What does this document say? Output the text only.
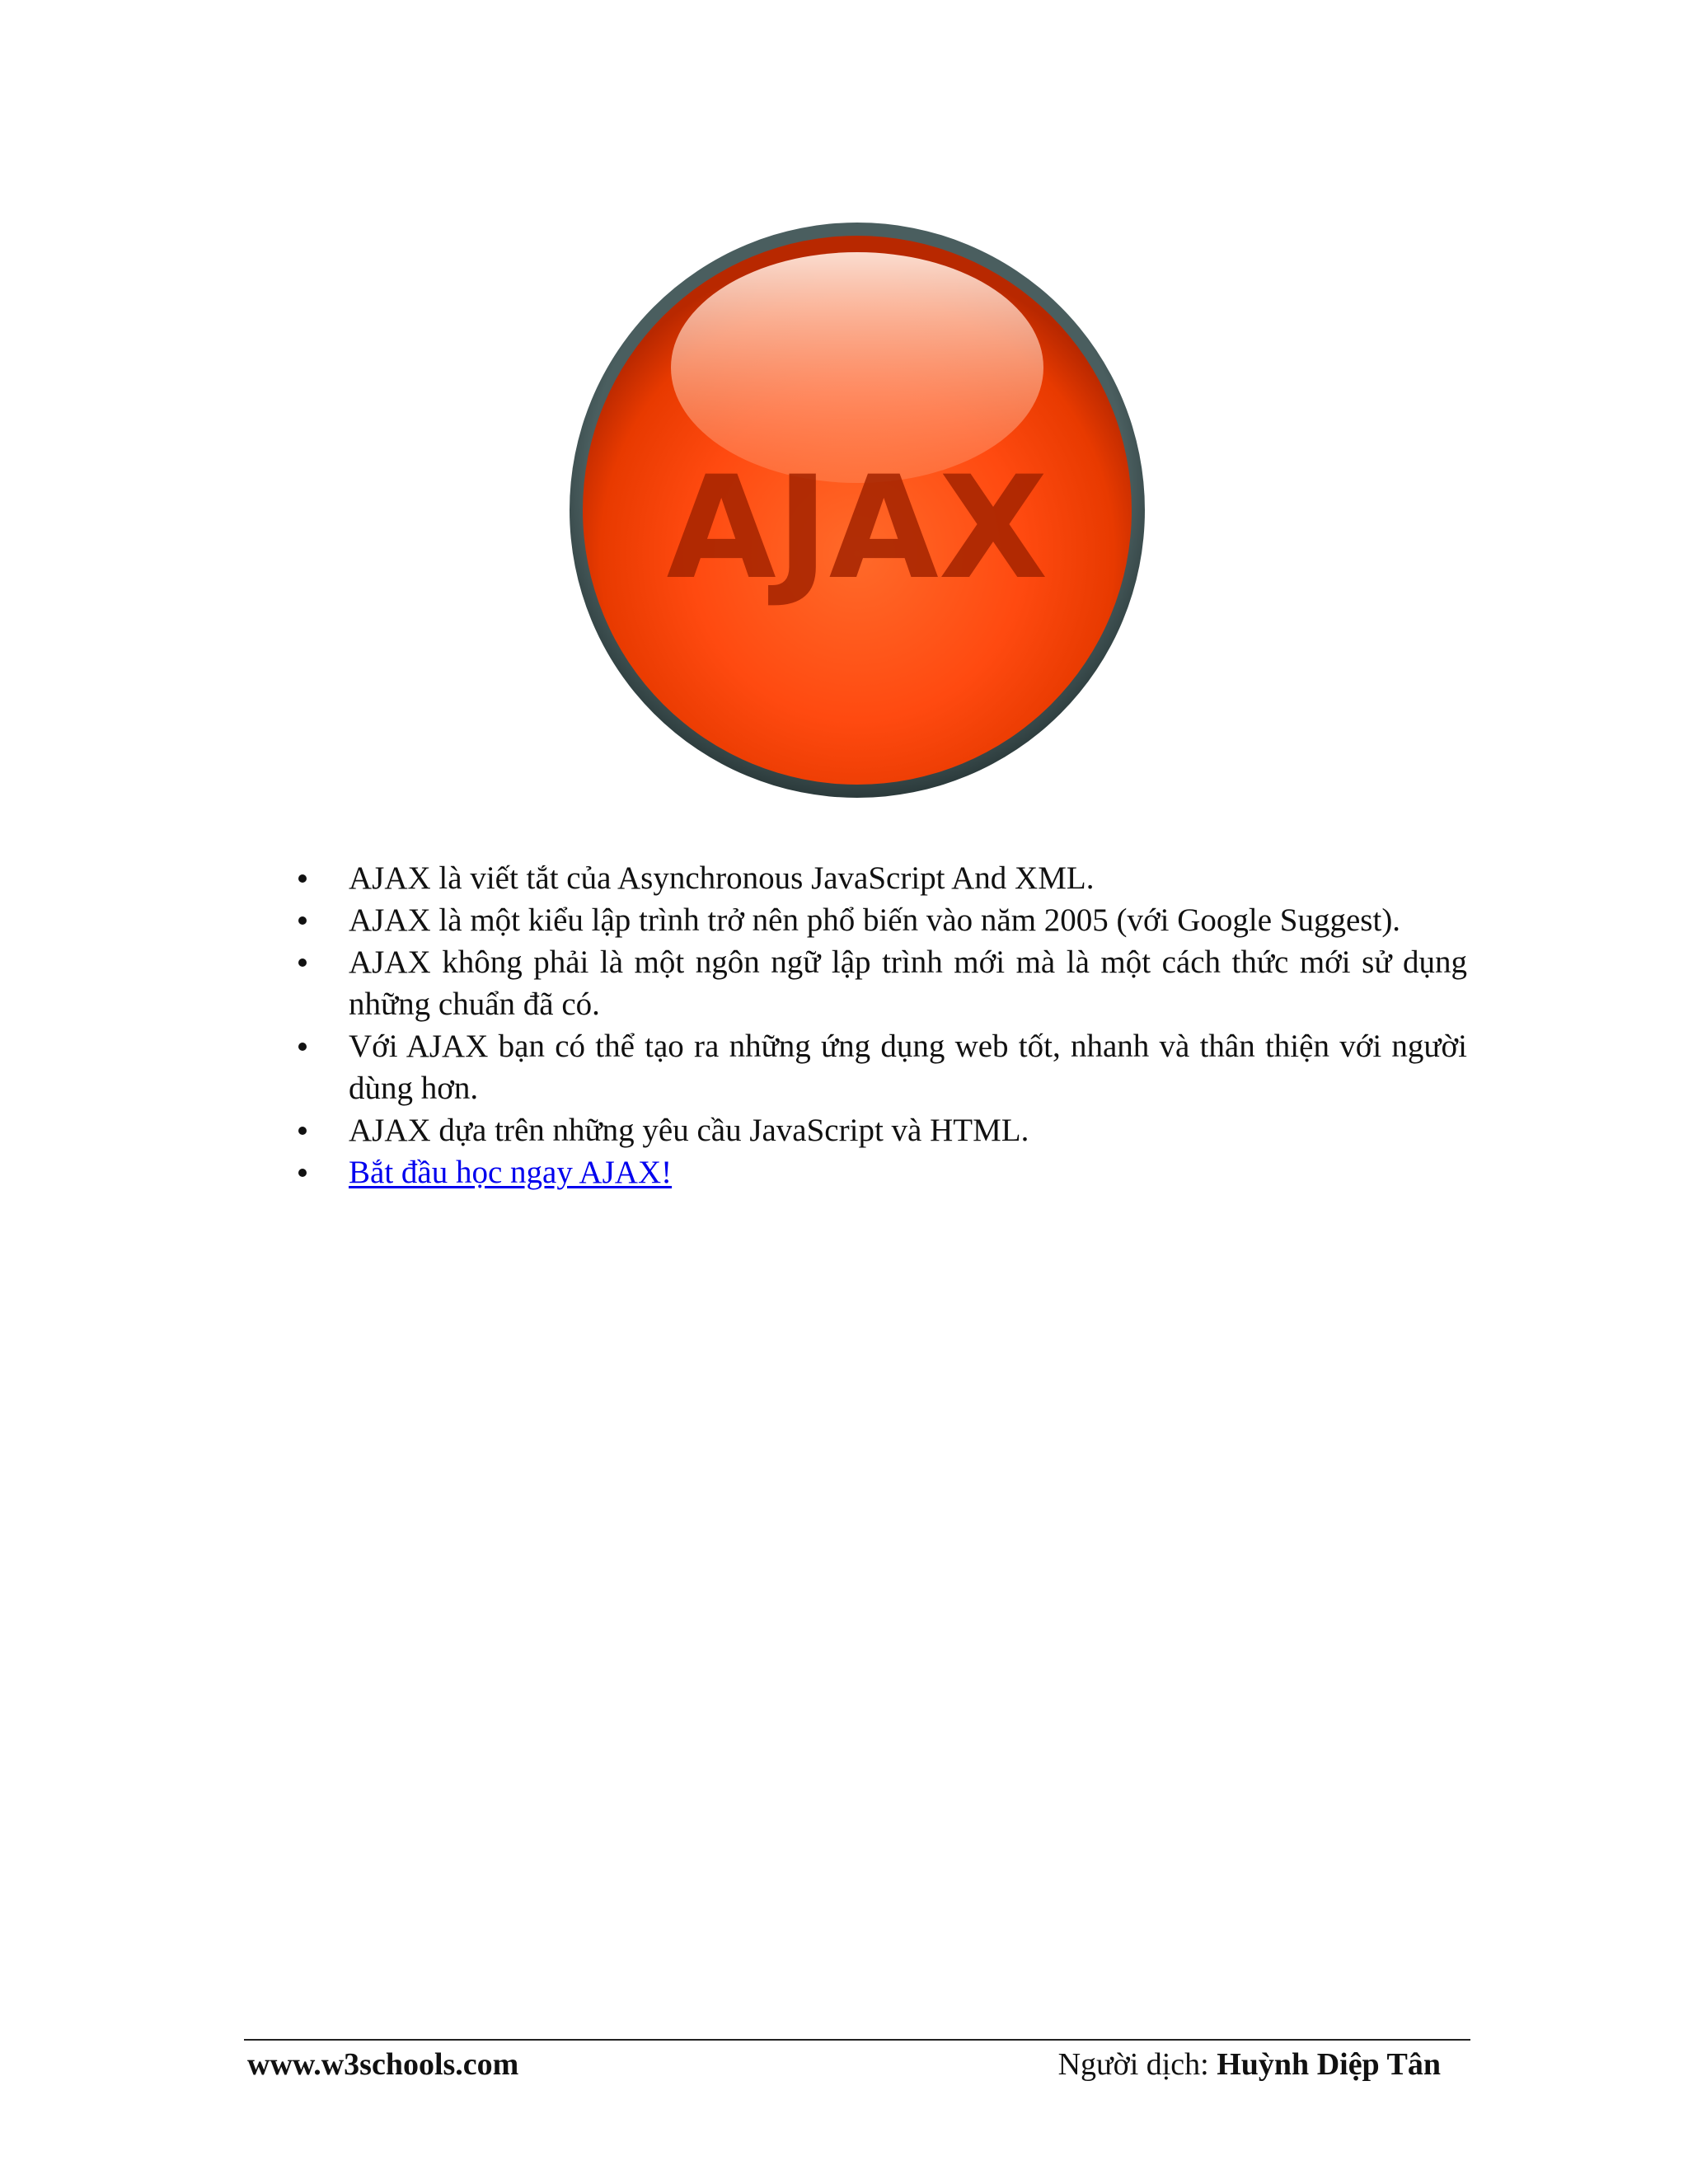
AJAX
AJAX là viết tắt của Asynchronous JavaScript And XML.
AJAX là một kiểu lập trình trở nên phổ biến vào năm 2005 (với Google Suggest).
AJAX không phải là một ngôn ngữ lập trình mới mà là một cách thức mới sử dụng những chuẩn đã có.
Với AJAX bạn có thể tạo ra những ứng dụng web tốt, nhanh và thân thiện với người dùng hơn.
AJAX dựa trên những yêu cầu JavaScript và HTML.
Bắt đầu học ngay AJAX!
www.w3schools.com	Người dịch: Huỳnh Diệp Tân
